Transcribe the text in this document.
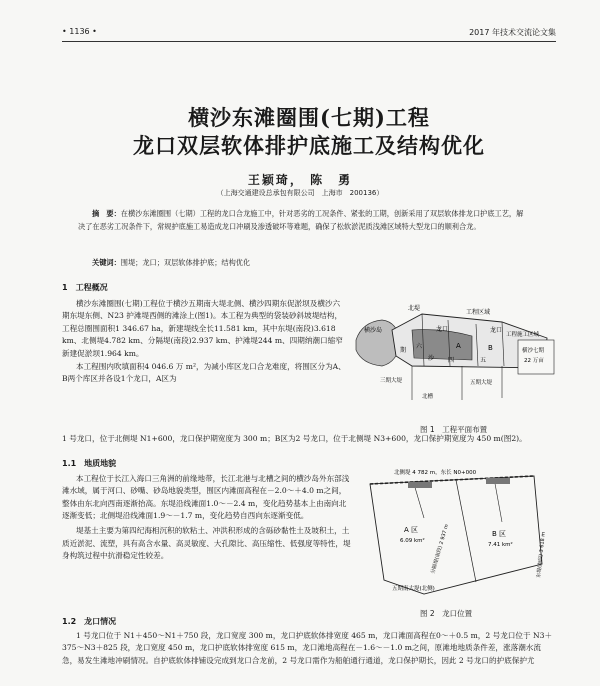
• 1136 •	2017 年技术交流论文集
横沙东滩圈围(七期)工程
龙口双层软体排护底施工及结构优化
王颖琦， 陈　勇
（上海交通建设总承包有限公司　上海市　200136）

摘　要：在横沙东滩圈围（七期）工程的龙口合龙施工中，针对恶劣的工况条件、紧张的工期，创新采用了双层软体排龙口护底工艺，解决了在恶劣工况条件下，常规护底施工易造成龙口冲刷及渗透破坏等难题，确保了松软淤泥质浅滩区域特大型龙口的顺利合龙。

关键词：围堤；龙口；双层软体排护底；结构优化

1　工程概况

横沙东滩圈围(七期)工程位于横沙五期南大堤北侧、横沙四期东促淤坝及横沙六期东堤东侧、N23 护滩堤西侧的滩涂上(图1)。本工程为典型的袋装砂斜坡堤结构，工程总圈围面积1 346.67 ha，新建堤线全长11.581 km，其中东堤(南段)3.618 km、北侧堤4.782 km、分隔堤(南段)2.937 km、护滩堤244 m、四期纳潮口缩窄新建促淤坝1.964 km。

本工程围内吹填面积4 046.6 万 m²，为减小库区龙口合龙难度，将围区分为A、B两个库区并各设1个龙口，A区为

北堤
横沙岛
工程区域
龙口	龙口
A	B
工程施工区域
横沙七期
22 万亩
三期大堤	五期大堤
北槽
期
沙
六
五
四
图 1　工程平面布置

1 号龙口，位于北侧堤 N1+600，龙口保护期宽度为 300 m；B区为2 号龙口，位于北侧堤 N3+600，龙口保护期宽度为 450 m(图2)。

1.1　地质地貌

本工程位于长江入海口三角洲的前缘地带，长江北港与北槽之间的横沙岛外东部浅滩水域，属于河口、砂嘴、砂岛地貌类型，围区内滩面高程在－2.0～＋4.0 m之间，整体由东北向西南逐渐抬高。东堤沿线滩面1.0～－2.4 m，变化趋势基本上由南向北逐渐变低；北侧堤沿线滩面1.9～－1.7 m，变化趋势自西向东逐渐变低。

堤基土主要为第四纪海相沉积的软粘土、冲洪积形成的含砾砂黏性土及坡积土，土质近淤泥、流塑，具有高含水量、高灵敏度、大孔隙比、高压缩性、低强度等特性，堤身构筑过程中抗滑稳定性较差。

北侧堤 4 782 m，东长 N0+000
A 区
6.09 km²
B 区
7.41 km²
分隔堤(南段) 2 937 m	东堤(南段) 3 618 m
五期南大堤(北侧)
图 2　龙口位置

1.2　龙口情况

1 号龙口位于 N1＋450～N1＋750 段，龙口宽度 300 m，龙口护底软体排宽度 465 m，龙口滩面高程在0～＋0.5 m，2 号龙口位于 N3＋375～N3＋825 段，龙口宽度 450 m，龙口护底软体排宽度 615 m，龙口滩地高程在－1.6～－1.0 m之间，原滩地地质条件差，涨落潮水流急，易发生滩地冲刷情况。自护底软体排铺设完成到龙口合龙前，2 号龙口需作为船舶通行通道，龙口保护期长，因此 2 号龙口的护底保护尤
